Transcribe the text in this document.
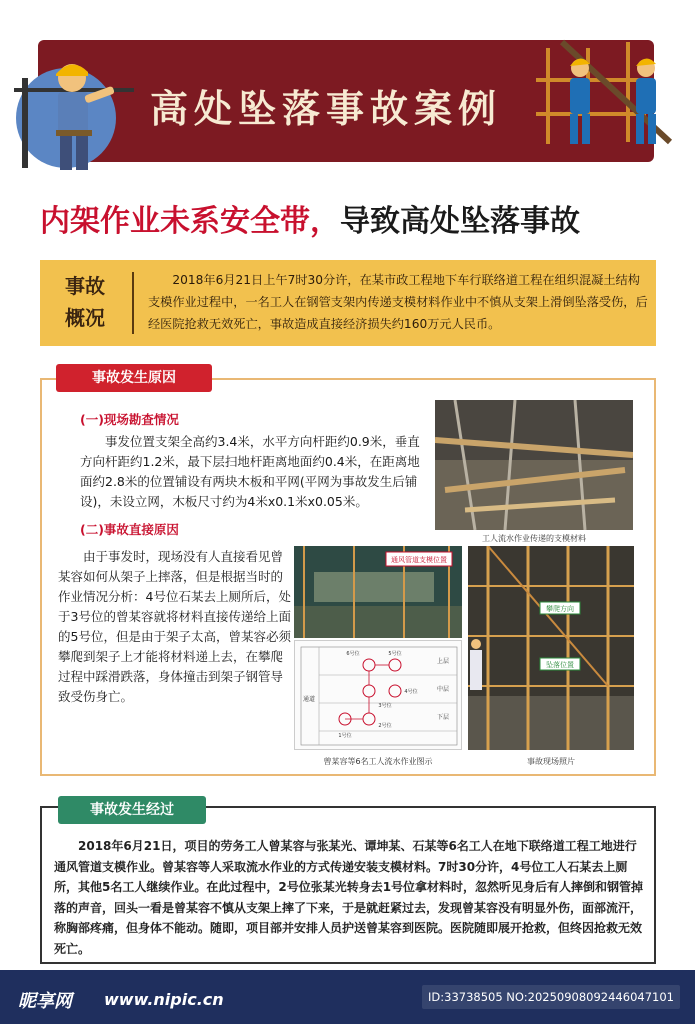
高处坠落事故案例
内架作业未系安全带，导致高处坠落事故
事故
概况
2018年6月21日上午7时30分许，在某市政工程地下车行联络道工程在组织混凝土结构支模作业过程中，一名工人在钢管支架内传递支模材料作业中不慎从支架上滑倒坠落受伤，后经医院抢救无效死亡，事故造成直接经济损失约160万元人民币。
事故发生原因
(一)现场勘查情况
事发位置支架全高约3.4米，水平方向杆距约0.9米，垂直方向杆距约1.2米，最下层扫地杆距离地面约0.4米，在距离地面约2.8米的位置铺设有两块木板和平网(平网为事故发生后铺设)，未设立网，木板尺寸约为4米x0.1米x0.05米。
(二)事故直接原因
由于事发时，现场没有人直接看见曾某容如何从架子上摔落，但是根据当时的作业情况分析：4号位石某去上厕所后，处于3号位的曾某容就将材料直接传递给上面的5号位，但是由于架子太高，曾某容必须攀爬到架子上才能将材料递上去，在攀爬过程中踩滑跌落，身体撞击到架子钢管导致受伤身亡。
工人流水作业传递的支模材料
通风管道支模位置
上层
中层
下层
通道
5号位
4号位
3号位
2号位
1号位
6号位
曾某容等6名工人流水作业图示
攀爬方向
坠落位置
事故现场照片
事故发生经过
2018年6月21日，项目的劳务工人曾某容与张某光、谭坤某、石某等6名工人在地下联络道工程工地进行通风管道支模作业。曾某容等人采取流水作业的方式传递安装支模材料。7时30分许，4号位工人石某去上厕所，其他5名工人继续作业。在此过程中，2号位张某光转身去1号位拿材料时，忽然听见身后有人摔倒和钢管掉落的声音，回头一看是曾某容不慎从支架上摔了下来，于是就赶紧过去，发现曾某容没有明显外伤，面部流汗，称胸部疼痛，但身体不能动。随即，项目部并安排人员护送曾某容到医院。医院随即展开抢救，但终因抢救无效死亡。
昵享网 www.nipic.cn	ID:33738505 NO:20250908092446047101
